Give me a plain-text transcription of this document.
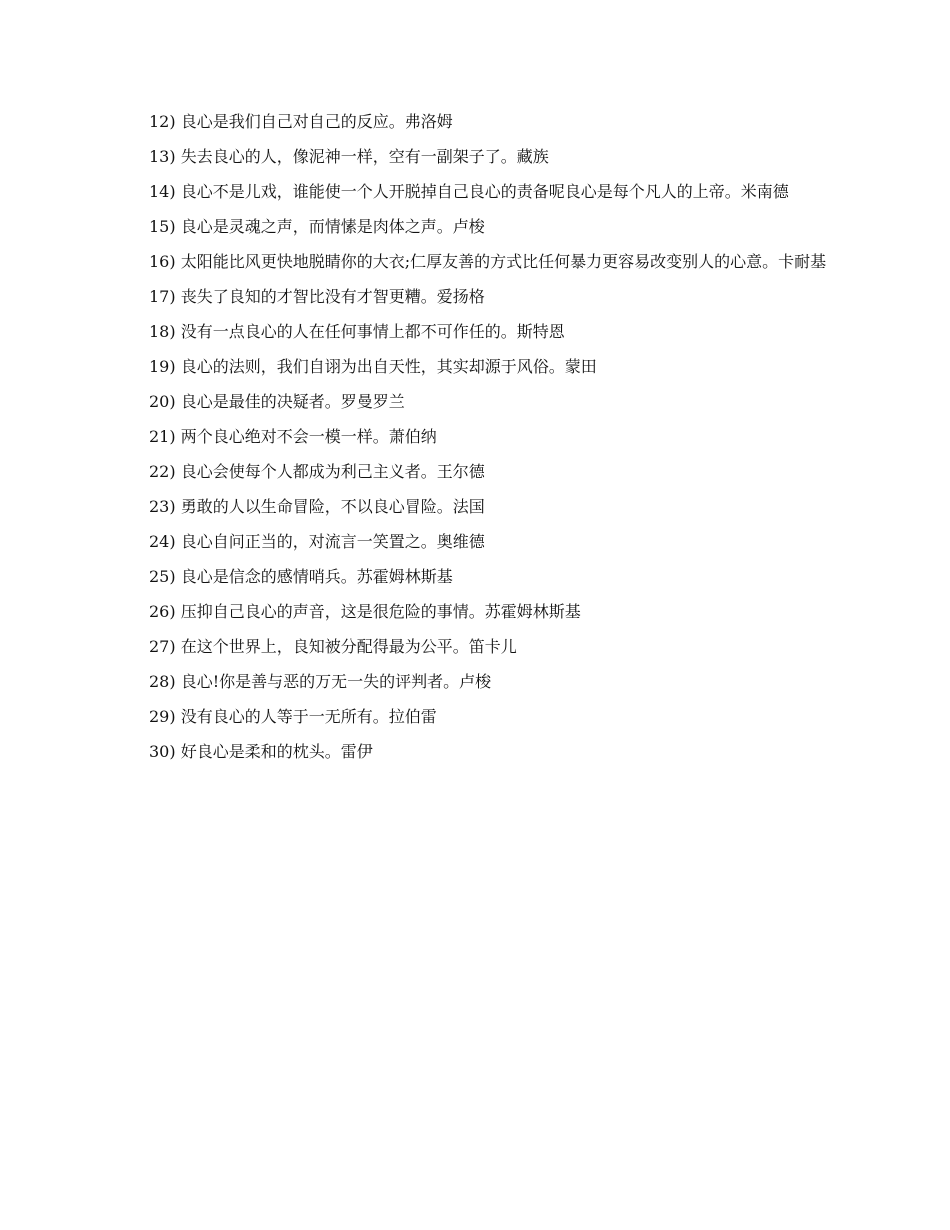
12) 良心是我们自己对自己的反应。弗洛姆

13) 失去良心的人，像泥神一样，空有一副架子了。藏族

14) 良心不是儿戏，谁能使一个人开脱掉自己良心的责备呢良心是每个凡人的上帝。米南德

15) 良心是灵魂之声，而情愫是肉体之声。卢梭

16) 太阳能比风更快地脱睛你的大衣;仁厚友善的方式比任何暴力更容易改变别人的心意。卡耐基

17) 丧失了良知的才智比没有才智更糟。爱扬格

18) 没有一点良心的人在任何事情上都不可作任的。斯特恩

19) 良心的法则，我们自诩为出自天性，其实却源于风俗。蒙田

20) 良心是最佳的决疑者。罗曼罗兰

21) 两个良心绝对不会一模一样。萧伯纳

22) 良心会使每个人都成为利己主义者。王尔德

23) 勇敢的人以生命冒险，不以良心冒险。法国

24) 良心自问正当的，对流言一笑置之。奥维德

25) 良心是信念的感情哨兵。苏霍姆林斯基

26) 压抑自己良心的声音，这是很危险的事情。苏霍姆林斯基

27) 在这个世界上，良知被分配得最为公平。笛卡儿

28) 良心!你是善与恶的万无一失的评判者。卢梭

29) 没有良心的人等于一无所有。拉伯雷

30) 好良心是柔和的枕头。雷伊
